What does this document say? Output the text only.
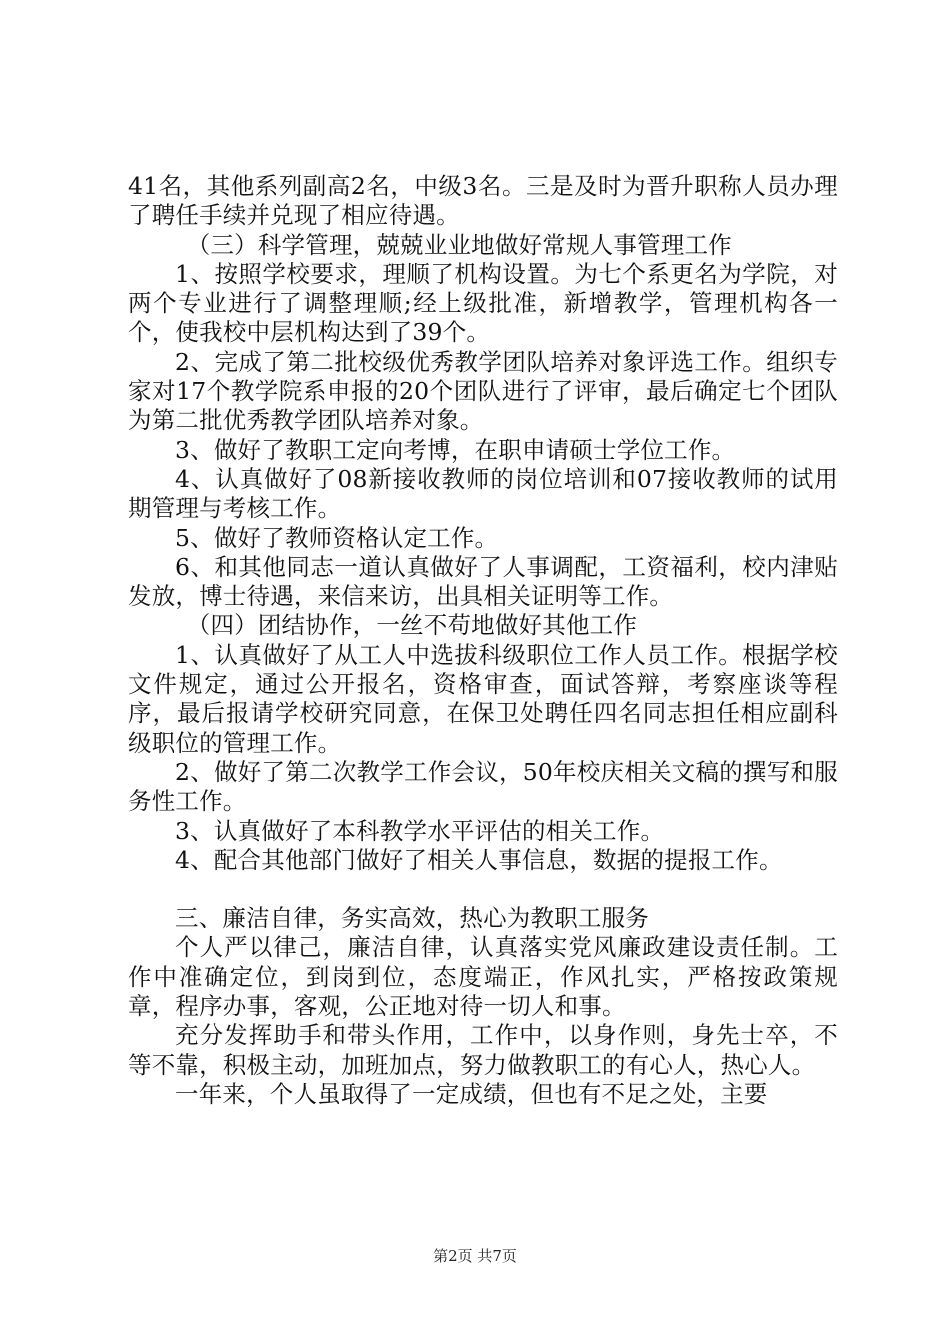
41名，其他系列副高2名，中级3名。三是及时为晋升职称人员办理了聘任手续并兑现了相应待遇。

（三）科学管理，兢兢业业地做好常规人事管理工作

1、按照学校要求，理顺了机构设置。为七个系更名为学院，对两个专业进行了调整理顺;经上级批准，新增教学，管理机构各一个，使我校中层机构达到了39个。

2、完成了第二批校级优秀教学团队培养对象评选工作。组织专家对17个教学院系申报的20个团队进行了评审，最后确定七个团队为第二批优秀教学团队培养对象。

3、做好了教职工定向考博，在职申请硕士学位工作。

4、认真做好了08新接收教师的岗位培训和07接收教师的试用期管理与考核工作。

5、做好了教师资格认定工作。

6、和其他同志一道认真做好了人事调配，工资福利，校内津贴发放，博士待遇，来信来访，出具相关证明等工作。

（四）团结协作，一丝不苟地做好其他工作

1、认真做好了从工人中选拔科级职位工作人员工作。根据学校文件规定，通过公开报名，资格审查，面试答辩，考察座谈等程序，最后报请学校研究同意，在保卫处聘任四名同志担任相应副科级职位的管理工作。

2、做好了第二次教学工作会议，50年校庆相关文稿的撰写和服务性工作。

3、认真做好了本科教学水平评估的相关工作。

4、配合其他部门做好了相关人事信息，数据的提报工作。

三、廉洁自律，务实高效，热心为教职工服务

个人严以律己，廉洁自律，认真落实党风廉政建设责任制。工作中准确定位，到岗到位，态度端正，作风扎实，严格按政策规章，程序办事，客观，公正地对待一切人和事。

充分发挥助手和带头作用，工作中，以身作则，身先士卒，不等不靠，积极主动，加班加点，努力做教职工的有心人，热心人。

一年来，个人虽取得了一定成绩，但也有不足之处，主要

第2页 共7页
